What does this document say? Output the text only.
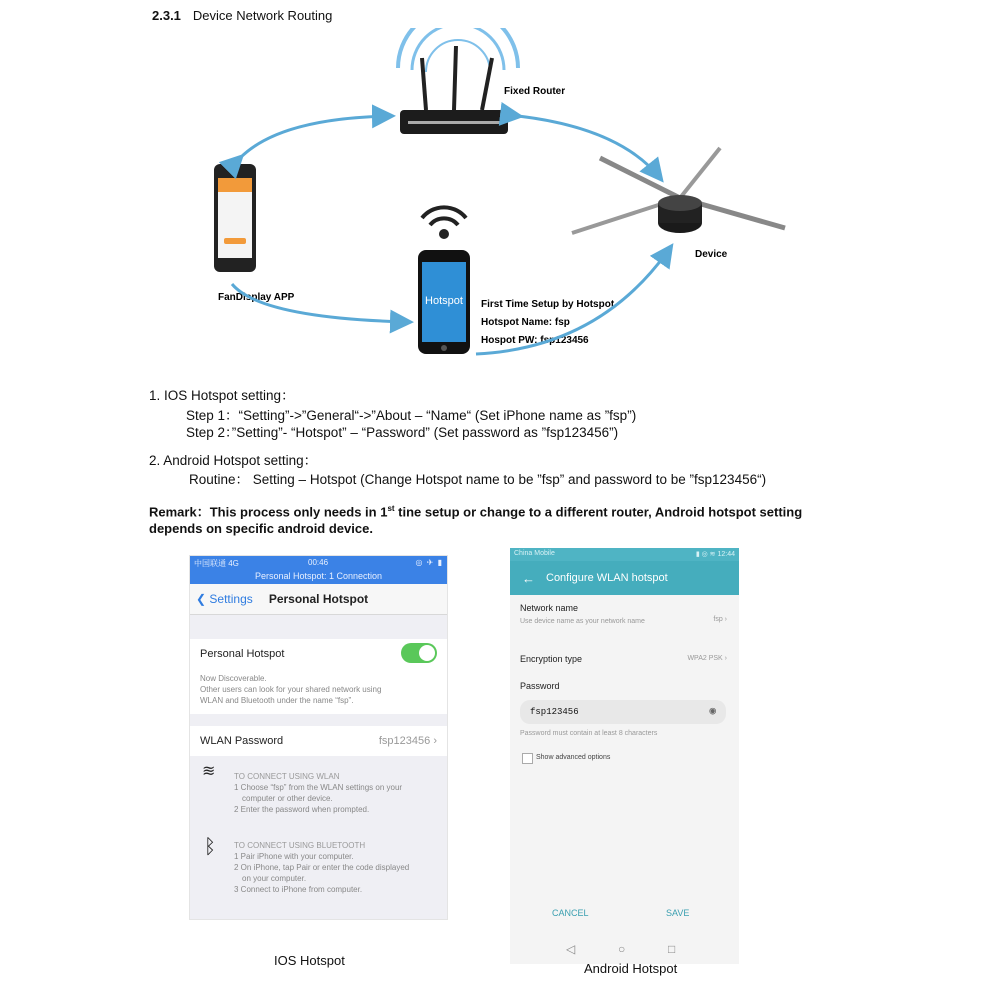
2.3.1 Device Network Routing
Fixed Router
FanDisplay APP
Device
Hotspot First Time Setup by Hotspot
Hotspot Name: fsp
Hospot PW: fsp123456
1. IOS Hotspot setting：
Step 1：“Setting”->”General“->”About – “Name“ (Set iPhone name as ”fsp”)
Step 2：”Setting”- “Hotspot” – “Password” (Set password as ”fsp123456”)
2. Android Hotspot setting：
Routine： Setting – Hotspot (Change Hotspot name to be ”fsp” and password to be ”fsp123456“)
Remark：This process only needs in 1st tine setup or change to a different router, Android hotspot setting depends on specific android device.
中国联通 4G	00:46	◎ ✈ ▮
Personal Hotspot: 1 Connection
❮ Settings	Personal Hotspot
Personal Hotspot
Now Discoverable.
Other users can look for your shared network using
WLAN and Bluetooth under the name “fsp”.
WLAN Password	fsp123456 ›
≋ TO CONNECT USING WLAN
1 Choose “fsp” from the WLAN settings on your
computer or other device.
2 Enter the password when prompted.
ᛒ TO CONNECT USING BLUETOOTH
1 Pair iPhone with your computer.
2 On iPhone, tap Pair or enter the code displayed
on your computer.
3 Connect to iPhone from computer.
China Mobile	▮ ◎ ≋ 12:44
← Configure WLAN hotspot
Network name
Use device name as your network name	fsp ›
Encryption type	WPA2 PSK ›
Password
fsp123456	◉
Password must contain at least 8 characters
Show advanced options
CANCEL	SAVE
◁	○	□
IOS Hotspot
Android Hotspot
